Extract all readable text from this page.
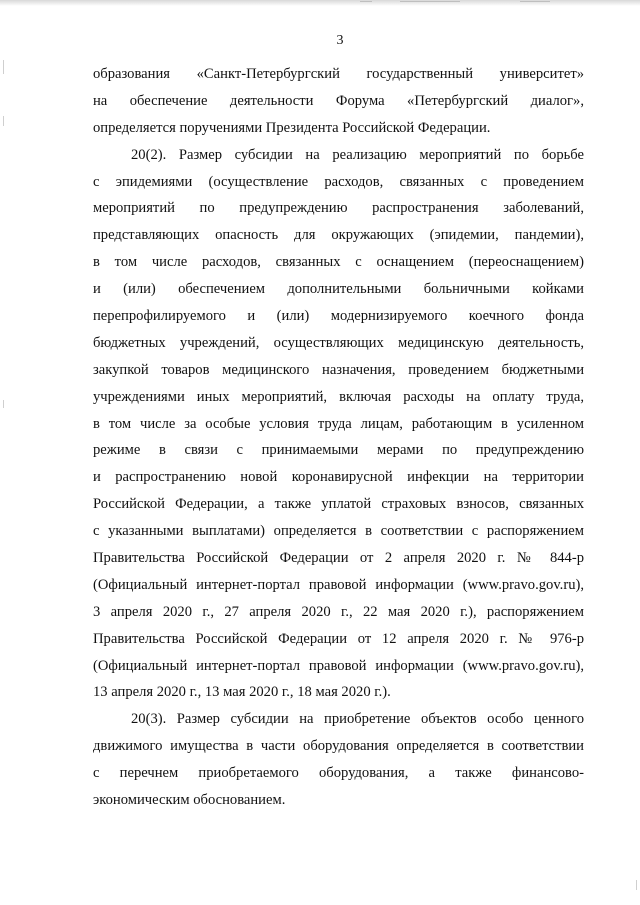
3
образования «Санкт-Петербургский государственный университет»
на обеспечение деятельности Форума «Петербургский диалог»,
определяется поручениями Президента Российской Федерации.
20(2). Размер субсидии на реализацию мероприятий по борьбе
с эпидемиями (осуществление расходов, связанных с проведением
мероприятий по предупреждению распространения заболеваний,
представляющих опасность для окружающих (эпидемии, пандемии),
в том числе расходов, связанных с оснащением (переоснащением)
и (или) обеспечением дополнительными больничными койками
перепрофилируемого и (или) модернизируемого коечного фонда
бюджетных учреждений, осуществляющих медицинскую деятельность,
закупкой товаров медицинского назначения, проведением бюджетными
учреждениями иных мероприятий, включая расходы на оплату труда,
в том числе за особые условия труда лицам, работающим в усиленном
режиме в связи с принимаемыми мерами по предупреждению
и распространению новой коронавирусной инфекции на территории
Российской Федерации, а также уплатой страховых взносов, связанных
с указанными выплатами) определяется в соответствии с распоряжением
Правительства Российской Федерации от 2 апреля 2020 г. № 844-р
(Официальный интернет-портал правовой информации (www.pravo.gov.ru),
3 апреля 2020 г., 27 апреля 2020 г., 22 мая 2020 г.), распоряжением
Правительства Российской Федерации от 12 апреля 2020 г. № 976-р
(Официальный интернет-портал правовой информации (www.pravo.gov.ru),
13 апреля 2020 г., 13 мая 2020 г., 18 мая 2020 г.).
20(3). Размер субсидии на приобретение объектов особо ценного
движимого имущества в части оборудования определяется в соответствии
с перечнем приобретаемого оборудования, а также финансово-
экономическим обоснованием.
